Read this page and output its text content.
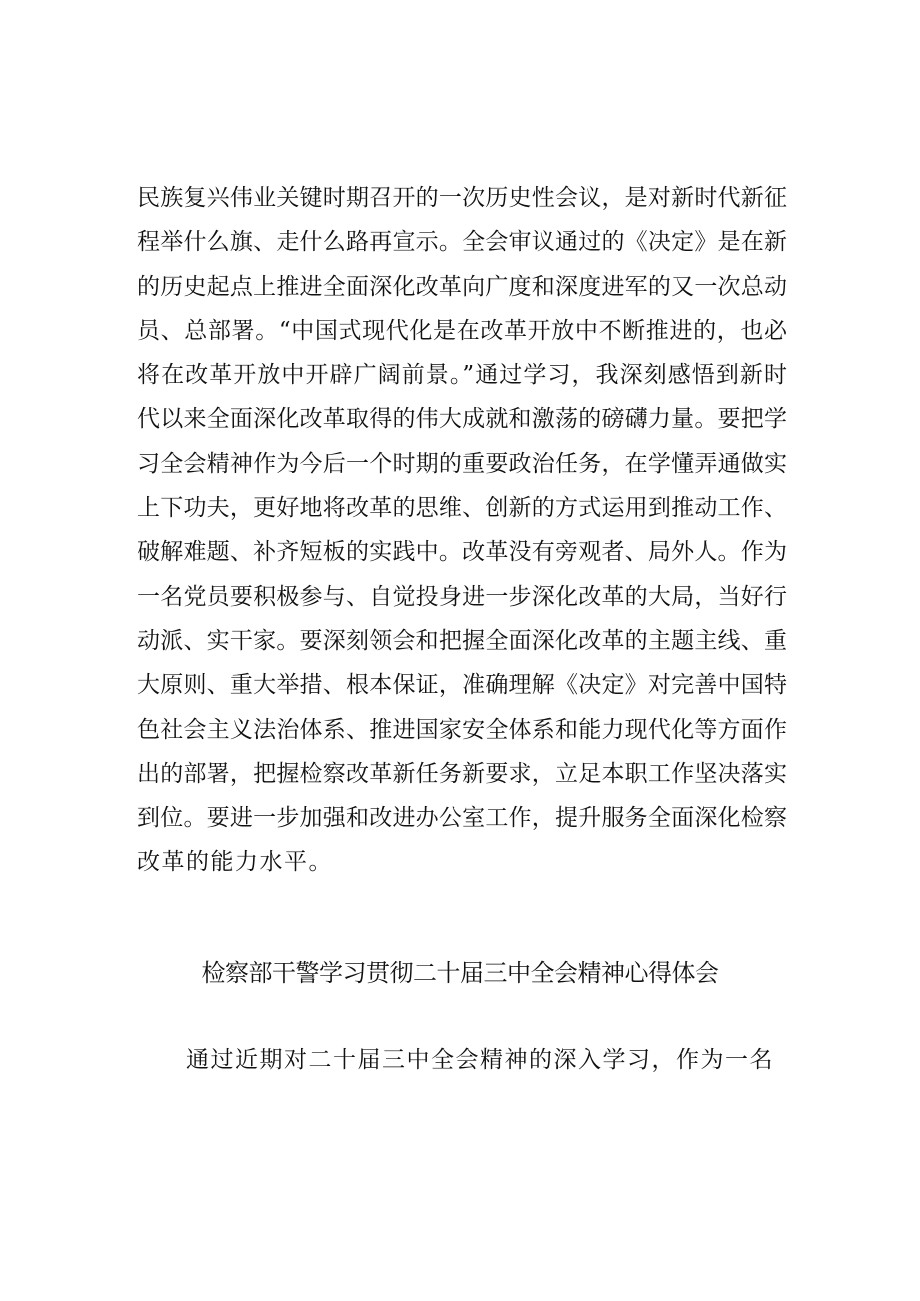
民族复兴伟业关键时期召开的一次历史性会议，是对新时代新征
程举什么旗、走什么路再宣示。全会审议通过的《决定》是在新
的历史起点上推进全面深化改革向广度和深度进军的又一次总动
员、总部署。“中国式现代化是在改革开放中不断推进的，也必
将在改革开放中开辟广阔前景。”通过学习，我深刻感悟到新时
代以来全面深化改革取得的伟大成就和激荡的磅礴力量。要把学
习全会精神作为今后一个时期的重要政治任务，在学懂弄通做实
上下功夫，更好地将改革的思维、创新的方式运用到推动工作、
破解难题、补齐短板的实践中。改革没有旁观者、局外人。作为
一名党员要积极参与、自觉投身进一步深化改革的大局，当好行
动派、实干家。要深刻领会和把握全面深化改革的主题主线、重
大原则、重大举措、根本保证，准确理解《决定》对完善中国特
色社会主义法治体系、推进国家安全体系和能力现代化等方面作
出的部署，把握检察改革新任务新要求，立足本职工作坚决落实
到位。要进一步加强和改进办公室工作，提升服务全面深化检察
改革的能力水平。
检察部干警学习贯彻二十届三中全会精神心得体会
通过近期对二十届三中全会精神的深入学习，作为一名
